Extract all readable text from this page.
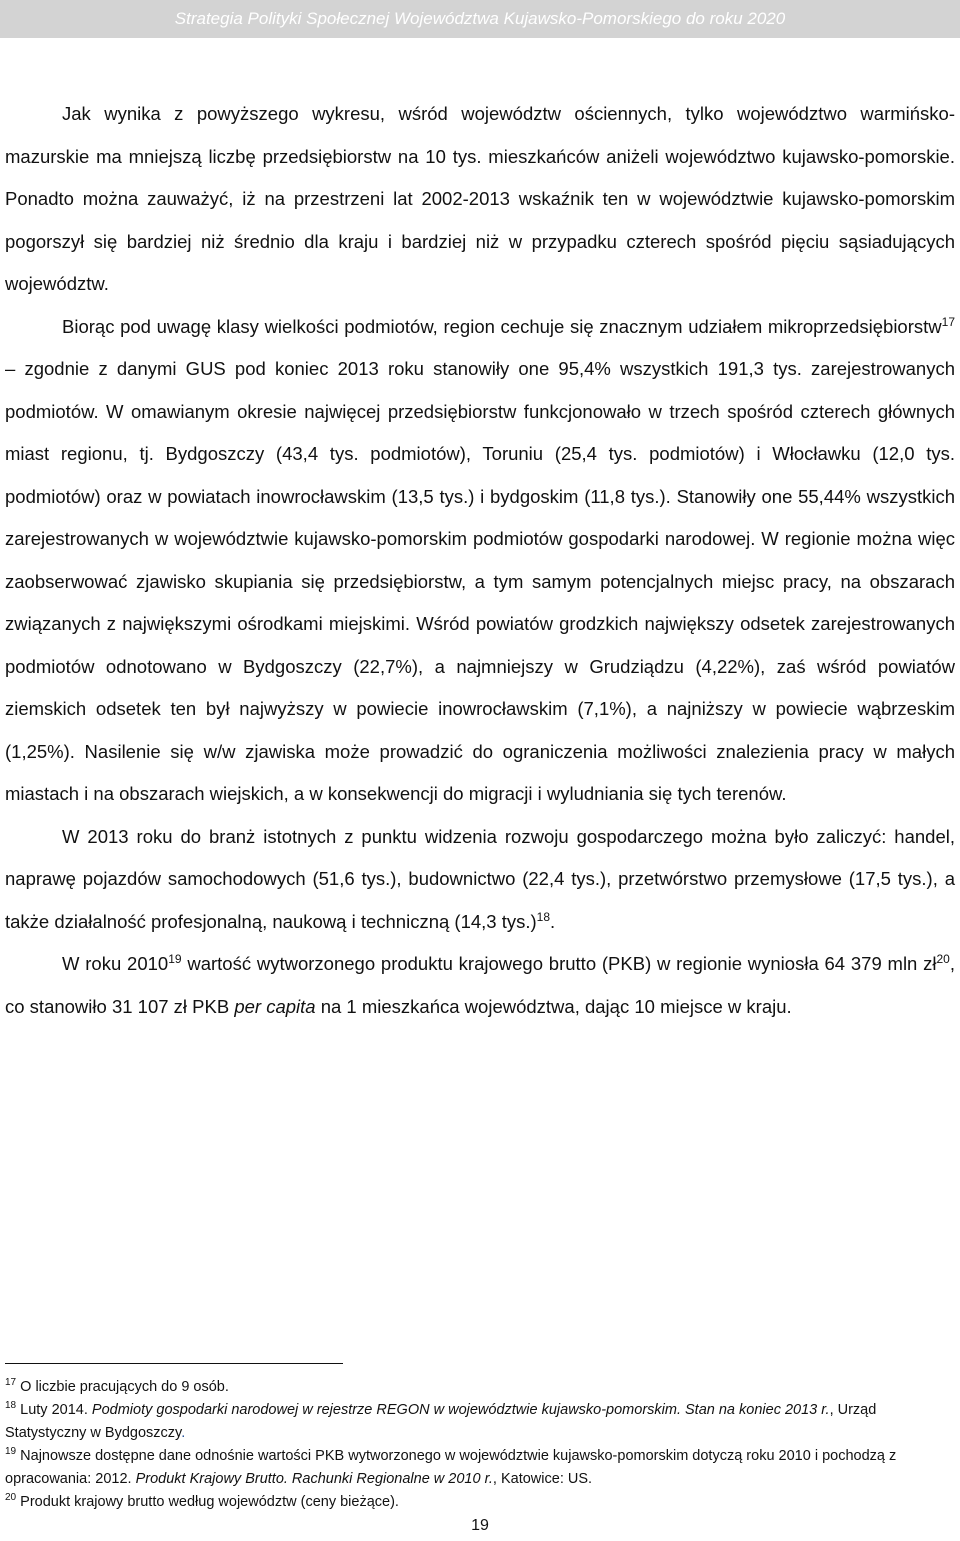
Strategia Polityki Społecznej Województwa Kujawsko-Pomorskiego do roku 2020

Jak wynika z powyższego wykresu, wśród województw ościennych, tylko województwo warmińsko-mazurskie ma mniejszą liczbę przedsiębiorstw na 10 tys. mieszkańców aniżeli województwo kujawsko-pomorskie. Ponadto można zauważyć, iż na przestrzeni lat 2002-2013 wskaźnik ten w województwie kujawsko-pomorskim pogorszył się bardziej niż średnio dla kraju i bardziej niż w przypadku czterech spośród pięciu sąsiadujących województw.

Biorąc pod uwagę klasy wielkości podmiotów, region cechuje się znacznym udziałem mikroprzedsiębiorstw$^{17}$ – zgodnie z danymi GUS pod koniec 2013 roku stanowiły one 95,4% wszystkich 191,3 tys. zarejestrowanych podmiotów. W omawianym okresie najwięcej przedsiębiorstw funkcjonowało w trzech spośród czterech głównych miast regionu, tj. Bydgoszczy (43,4 tys. podmiotów), Toruniu (25,4 tys. podmiotów) i Włocławku (12,0 tys. podmiotów) oraz w powiatach inowrocławskim (13,5 tys.) i bydgoskim (11,8 tys.). Stanowiły one 55,44% wszystkich zarejestrowanych w województwie kujawsko-pomorskim podmiotów gospodarki narodowej. W regionie można więc zaobserwować zjawisko skupiania się przedsiębiorstw, a tym samym potencjalnych miejsc pracy, na obszarach związanych z największymi ośrodkami miejskimi. Wśród powiatów grodzkich największy odsetek zarejestrowanych podmiotów odnotowano w Bydgoszczy (22,7%), a najmniejszy w Grudziądzu (4,22%), zaś wśród powiatów ziemskich odsetek ten był najwyższy w powiecie inowrocławskim (7,1%), a najniższy w powiecie wąbrzeskim (1,25%). Nasilenie się w/w zjawiska może prowadzić do ograniczenia możliwości znalezienia pracy w małych miastach i na obszarach wiejskich, a w konsekwencji do migracji i wyludniania się tych terenów.

W 2013 roku do branż istotnych z punktu widzenia rozwoju gospodarczego można było zaliczyć: handel, naprawę pojazdów samochodowych (51,6 tys.), budownictwo (22,4 tys.), przetwórstwo przemysłowe (17,5 tys.), a także działalność profesjonalną, naukową i techniczną (14,3 tys.)$^{18}$.

W roku 2010$^{19}$ wartość wytworzonego produktu krajowego brutto (PKB) w regionie wyniosła 64 379 mln $zł^{20}$, co stanowiło 31 107 zł PKB per capita na 1 mieszkańca województwa, dając 10 miejsce w kraju.

$^{17}$ O liczbie pracujących do 9 osób.

$^{18}$ Luty 2014. Podmioty gospodarki narodowej w rejestrze REGON w województwie kujawsko-pomorskim. Stan na koniec 2013 r., Urząd Statystyczny w Bydgoszczy.

$^{19}$ Najnowsze dostępne dane odnośnie wartości PKB wytworzonego w województwie kujawsko-pomorskim dotyczą roku 2010 i pochodzą z opracowania: 2012. Produkt Krajowy Brutto. Rachunki Regionalne w 2010 r., Katowice: US.

$^{20}$ Produkt krajowy brutto według województw (ceny bieżące).

19
